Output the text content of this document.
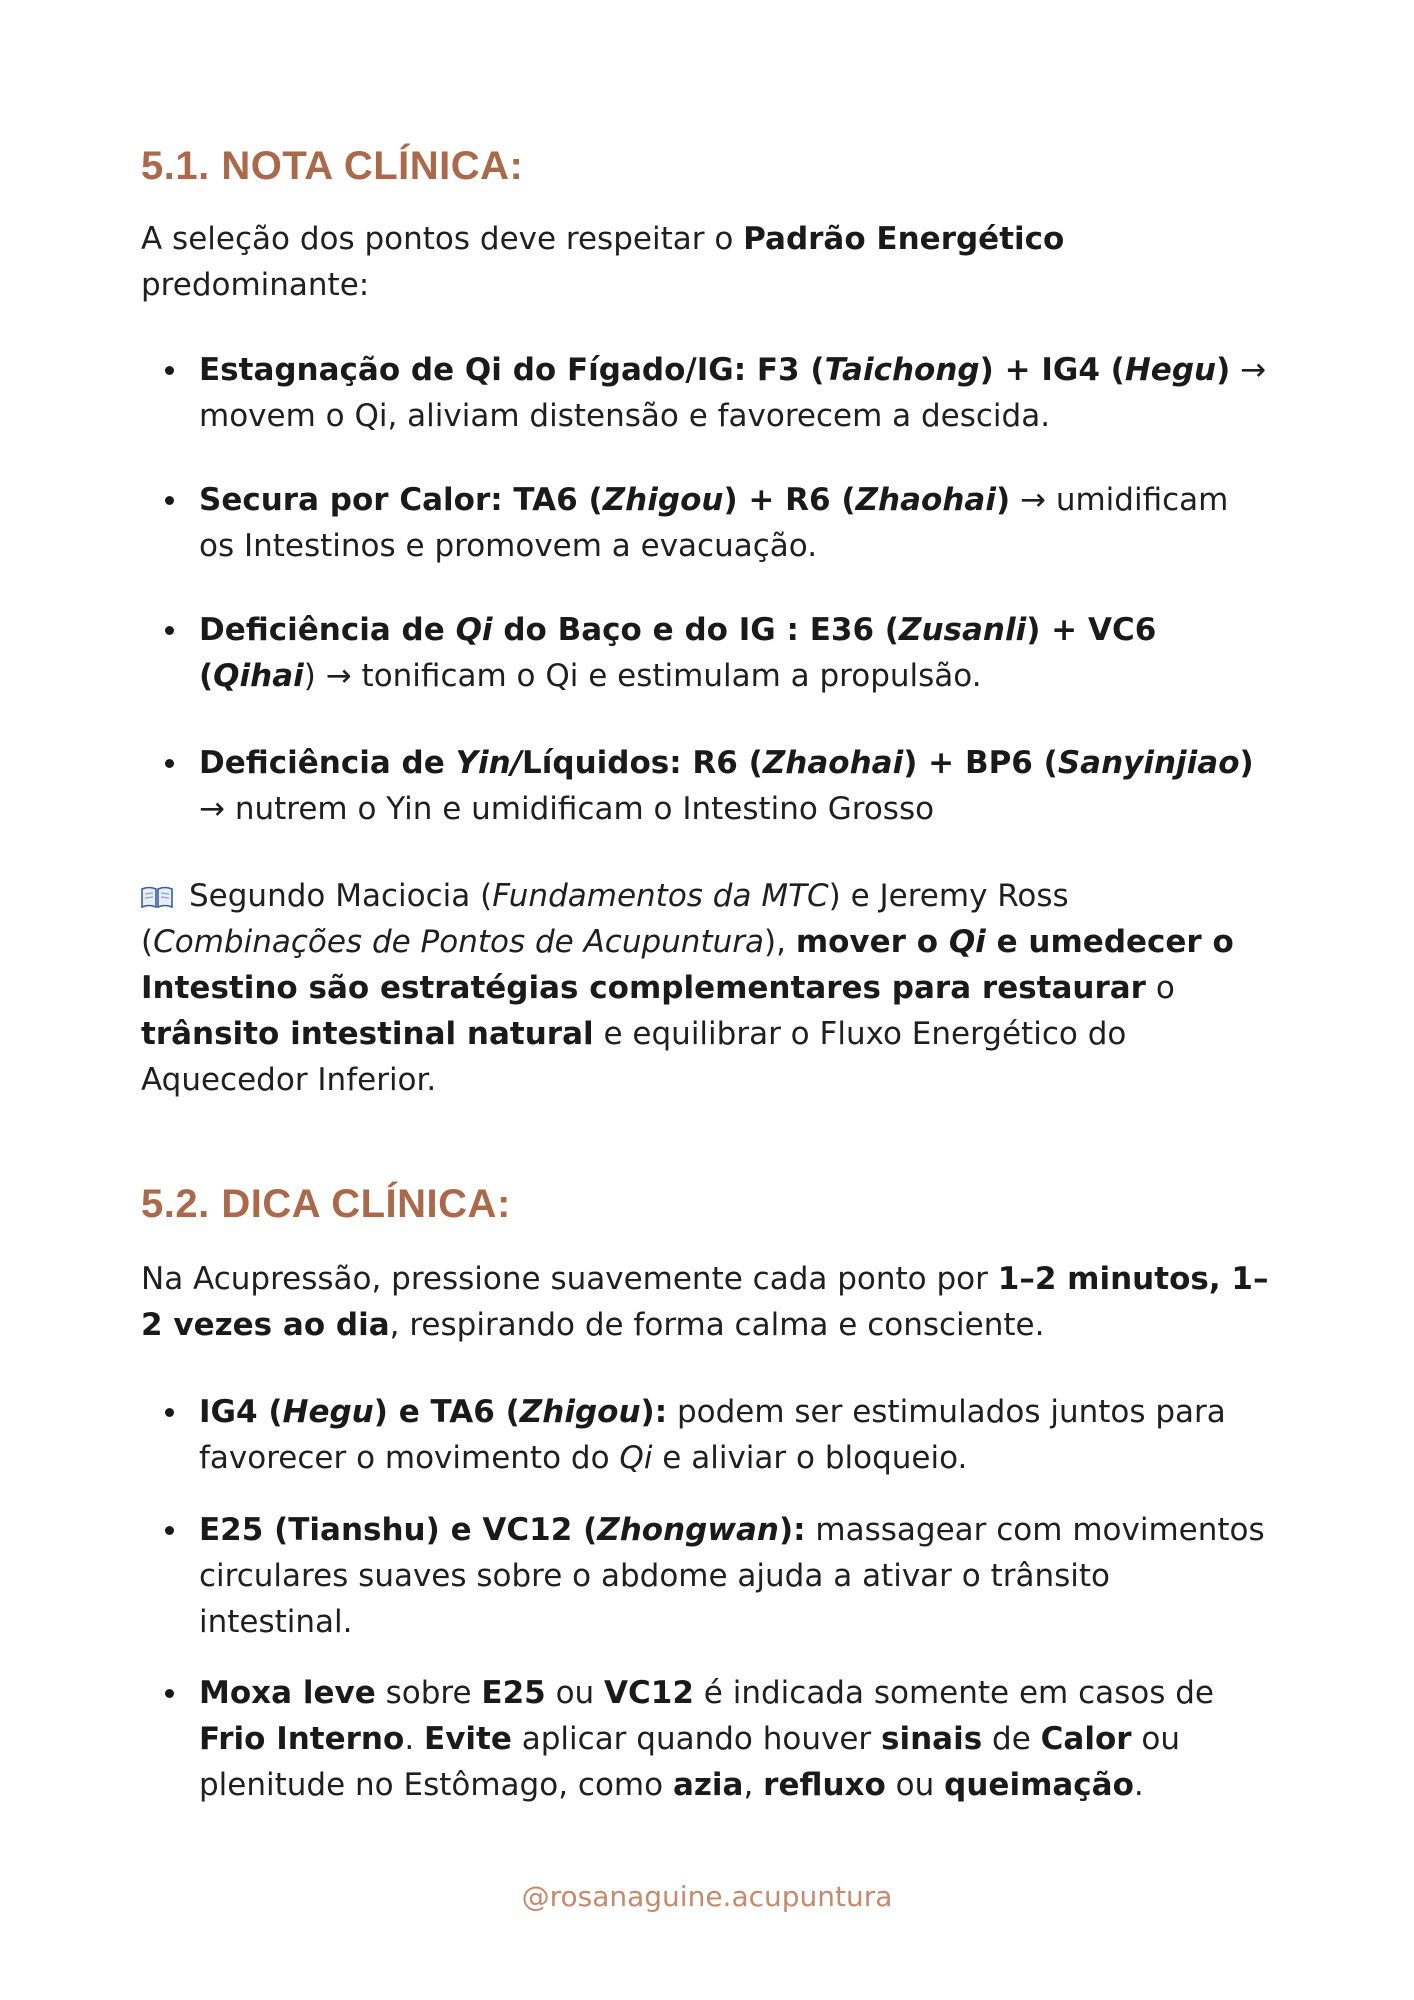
5.1. NOTA CLÍNICA:

A seleção dos pontos deve respeitar o Padrão Energético predominante:

Estagnação de Qi do Fígado/IG: F3 (Taichong) + IG4 (Hegu) → movem o Qi, aliviam distensão e favorecem a descida.
Secura por Calor: TA6 (Zhigou) + R6 (Zhaohai) → umidificam os Intestinos e promovem a evacuação.
Deficiência de Qi do Baço e do IG : E36 (Zusanli) + VC6 (Qihai) → tonificam o Qi e estimulam a propulsão.
Deficiência de Yin/Líquidos: R6 (Zhaohai) + BP6 (Sanyinjiao) → nutrem o Yin e umidificam o Intestino Grosso

Segundo Maciocia (Fundamentos da MTC) e Jeremy Ross (Combinações de Pontos de Acupuntura), mover o Qi e umedecer o Intestino são estratégias complementares para restaurar o trânsito intestinal natural e equilibrar o Fluxo Energético do Aquecedor Inferior.

5.2. DICA CLÍNICA:

Na Acupressão, pressione suavemente cada ponto por 1–2 minutos, 1–2 vezes ao dia, respirando de forma calma e consciente.

IG4 (Hegu) e TA6 (Zhigou): podem ser estimulados juntos para favorecer o movimento do Qi e aliviar o bloqueio.
E25 (Tianshu) e VC12 (Zhongwan): massagear com movimentos circulares suaves sobre o abdome ajuda a ativar o trânsito intestinal.
Moxa leve sobre E25 ou VC12 é indicada somente em casos de Frio Interno. Evite aplicar quando houver sinais de Calor ou plenitude no Estômago, como azia, refluxo ou queimação.
@rosanaguine.acupuntura
